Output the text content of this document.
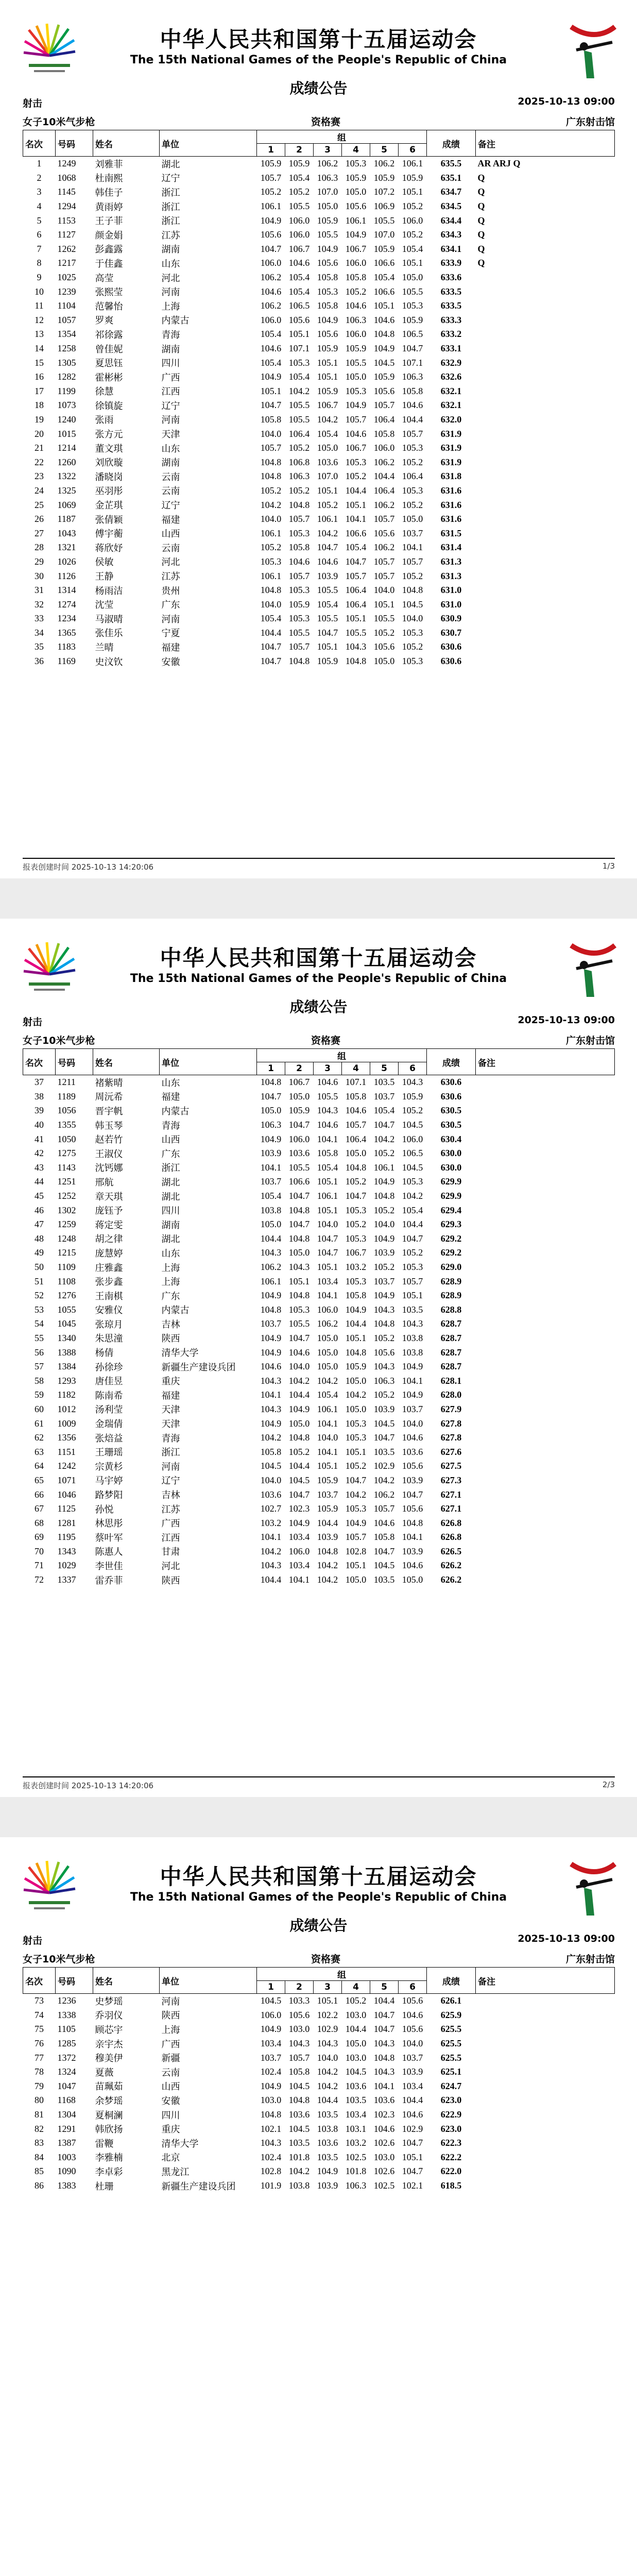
中华人民共和国第十五届运动会
The 15th National Games of the People's Republic of China
成绩公告
射击	2025-10-13 09:00
女子10米气步枪	资格赛	广东射击馆
名次	号码	姓名	单位	组						成绩	备注
				1	2	3	4	5	6		
1	1249	刘雅菲	湖北	105.9	105.9	106.2	105.3	106.2	106.1	635.5	AR ARJ Q
2	1068	杜南熙	辽宁	105.7	105.4	106.3	105.9	105.9	105.9	635.1	Q
3	1145	韩佳子	浙江	105.2	105.2	107.0	105.0	107.2	105.1	634.7	Q
4	1294	黄雨婷	浙江	106.1	105.5	105.0	105.6	106.9	105.2	634.5	Q
5	1153	王子菲	浙江	104.9	106.0	105.9	106.1	105.5	106.0	634.4	Q
6	1127	颜金娟	江苏	105.6	106.0	105.5	104.9	107.0	105.2	634.3	Q
7	1262	彭鑫露	湖南	104.7	106.7	104.9	106.7	105.9	105.4	634.1	Q
8	1217	于佳鑫	山东	106.0	104.6	105.6	106.0	106.6	105.1	633.9	Q
9	1025	高莹	河北	106.2	105.4	105.8	105.8	105.4	105.0	633.6	
10	1239	张熙莹	河南	104.6	105.4	105.3	105.2	106.6	105.5	633.5	
11	1104	范馨怡	上海	106.2	106.5	105.8	104.6	105.1	105.3	633.5	
12	1057	罗爽	内蒙古	106.0	105.6	104.9	106.3	104.6	105.9	633.3	
13	1354	祁徐露	青海	105.4	105.1	105.6	106.0	104.8	106.5	633.2	
14	1258	曾佳妮	湖南	104.6	107.1	105.9	105.9	104.9	104.7	633.1	
15	1305	夏思钰	四川	105.4	105.3	105.1	105.5	104.5	107.1	632.9	
16	1282	霍彬彬	广西	104.9	105.4	105.1	105.0	105.9	106.3	632.6	
17	1199	徐慧	江西	105.1	104.2	105.9	105.3	105.6	105.8	632.1	
18	1073	徐镇旋	辽宁	104.7	105.5	106.7	104.9	105.7	104.6	632.1	
19	1240	张雨	河南	105.8	105.5	104.2	105.7	106.4	104.4	632.0	
20	1015	张方元	天津	104.0	106.4	105.4	104.6	105.8	105.7	631.9	
21	1214	董文琪	山东	105.7	105.2	105.0	106.7	106.0	105.3	631.9	
22	1260	刘欣璇	湖南	104.8	106.8	103.6	105.3	106.2	105.2	631.9	
23	1322	潘晓岗	云南	104.8	106.3	107.0	105.2	104.4	106.4	631.8	
24	1325	巫羽彤	云南	105.2	105.2	105.1	104.4	106.4	105.3	631.6	
25	1069	金芷琪	辽宁	104.2	104.8	105.2	105.1	106.2	105.2	631.6	
26	1187	张倩颖	福建	104.0	105.7	106.1	104.1	105.7	105.0	631.6	
27	1043	傅宇蘅	山西	106.1	105.3	104.2	106.6	105.6	103.7	631.5	
28	1321	蒋欣妤	云南	105.2	105.8	104.7	105.4	106.2	104.1	631.4	
29	1026	侯敏	河北	105.3	104.6	104.6	104.7	105.7	105.7	631.3	
30	1126	王静	江苏	106.1	105.7	103.9	105.7	105.7	105.2	631.3	
31	1314	杨雨洁	贵州	104.8	105.3	105.5	106.4	104.0	104.8	631.0	
32	1274	沈莹	广东	104.0	105.9	105.4	106.4	105.1	104.5	631.0	
33	1234	马淑晴	河南	105.4	105.3	105.5	105.1	105.5	104.0	630.9	
34	1365	张佳乐	宁夏	104.4	105.5	104.7	105.5	105.2	105.3	630.7	
35	1183	兰晴	福建	104.7	105.7	105.1	104.3	105.6	105.2	630.6	
36	1169	史汶钦	安徽	104.7	104.8	105.9	104.8	105.0	105.3	630.6	
报表创建时间 2025-10-13 14:20:06	1/3
中华人民共和国第十五届运动会
The 15th National Games of the People's Republic of China
成绩公告
射击	2025-10-13 09:00
女子10米气步枪	资格赛	广东射击馆
名次	号码	姓名	单位	组						成绩	备注
				1	2	3	4	5	6		
37	1211	褚紫晴	山东	104.8	106.7	104.6	107.1	103.5	104.3	630.6	
38	1189	周沅希	福建	104.7	105.0	105.5	105.8	103.7	105.9	630.6	
39	1056	晋宇帆	内蒙古	105.0	105.9	104.3	104.6	105.4	105.2	630.5	
40	1355	韩玉琴	青海	106.3	104.7	104.6	105.7	104.7	104.5	630.5	
41	1050	赵若竹	山西	104.9	106.0	104.1	106.4	104.2	106.0	630.4	
42	1275	王淑仪	广东	103.9	103.6	105.8	105.0	105.2	106.5	630.0	
43	1143	沈钙娜	浙江	104.1	105.5	105.4	104.8	106.1	104.5	630.0	
44	1251	邢航	湖北	103.7	106.6	105.1	105.2	104.9	105.3	629.9	
45	1252	章天琪	湖北	105.4	104.7	106.1	104.7	104.8	104.2	629.9	
46	1302	庞钰予	四川	103.8	104.8	105.1	105.3	105.2	105.4	629.4	
47	1259	蒋定雯	湖南	105.0	104.7	104.0	105.2	104.0	104.4	629.3	
48	1248	胡之律	湖北	104.4	104.8	104.7	105.3	104.9	104.7	629.2	
49	1215	庞慧婷	山东	104.3	105.0	104.7	106.7	103.9	105.2	629.2	
50	1109	庄雅鑫	上海	106.2	104.3	105.1	103.2	105.2	105.3	629.0	
51	1108	张步鑫	上海	106.1	105.1	103.4	105.3	103.7	105.7	628.9	
52	1276	王南棋	广东	104.9	104.8	104.1	105.8	104.9	105.1	628.9	
53	1055	安雅仪	内蒙古	104.8	105.3	106.0	104.9	104.3	103.5	628.8	
54	1045	张琼月	吉林	103.7	105.5	106.2	104.4	104.8	104.3	628.7	
55	1340	朱思潼	陕西	104.9	104.7	105.0	105.1	105.2	103.8	628.7	
56	1388	杨倩	清华大学	104.9	104.6	105.0	104.8	105.6	103.8	628.7	
57	1384	孙徐珍	新疆生产建设兵团	104.6	104.0	105.0	105.9	104.3	104.9	628.7	
58	1293	唐佳昱	重庆	104.3	104.2	104.2	105.0	106.3	104.1	628.1	
59	1182	陈南希	福建	104.1	104.4	105.4	104.2	105.2	104.9	628.0	
60	1012	汤利莹	天津	104.3	104.9	106.1	105.0	103.9	103.7	627.9	
61	1009	金瑞倩	天津	104.9	105.0	104.1	105.3	104.5	104.0	627.8	
62	1356	张焙益	青海	104.2	104.8	104.0	105.3	104.7	104.6	627.8	
63	1151	王珊瑶	浙江	105.8	105.2	104.1	105.1	103.5	103.6	627.6	
64	1242	宗黄杉	河南	104.5	104.4	105.1	105.2	102.9	105.6	627.5	
65	1071	马宇婷	辽宁	104.0	104.5	105.9	104.7	104.2	103.9	627.3	
66	1046	路梦阳	吉林	103.6	104.7	103.7	104.2	106.2	104.7	627.1	
67	1125	孙悦	江苏	102.7	102.3	105.9	105.3	105.7	105.6	627.1	
68	1281	林思彤	广西	103.2	104.9	104.4	104.9	104.6	104.8	626.8	
69	1195	蔡叶军	江西	104.1	103.4	103.9	105.7	105.8	104.1	626.8	
70	1343	陈惠人	甘肃	104.2	106.0	104.8	102.8	104.7	103.9	626.5	
71	1029	李世佳	河北	104.3	103.4	104.2	105.1	104.5	104.6	626.2	
72	1337	雷乔菲	陕西	104.4	104.1	104.2	105.0	103.5	105.0	626.2	
报表创建时间 2025-10-13 14:20:06	2/3
中华人民共和国第十五届运动会
The 15th National Games of the People's Republic of China
成绩公告
射击	2025-10-13 09:00
女子10米气步枪	资格赛	广东射击馆
名次	号码	姓名	单位	组						成绩	备注
				1	2	3	4	5	6		
73	1236	史梦瑶	河南	104.5	103.3	105.1	105.2	104.4	105.6	626.1	
74	1338	乔羽仪	陕西	106.0	105.6	102.2	103.0	104.7	104.6	625.9	
75	1105	顾芯宇	上海	104.9	103.0	102.9	104.4	104.7	105.6	625.5	
76	1285	亲宇杰	广西	103.4	104.3	104.3	105.0	104.3	104.0	625.5	
77	1372	穆美伊	新疆	103.7	105.7	104.0	103.0	104.8	103.7	625.5	
78	1324	夏薇	云南	102.4	105.8	104.2	104.5	104.3	103.9	625.1	
79	1047	苗珮茹	山西	104.9	104.5	104.2	103.6	104.1	103.4	624.7	
80	1168	余梦瑶	安徽	103.0	104.8	104.4	103.5	103.6	104.4	623.0	
81	1304	夏桐澜	四川	104.8	103.6	103.5	103.4	102.3	104.6	622.9	
82	1291	韩欣扬	重庆	102.1	104.5	103.8	103.1	104.6	102.9	623.0	
83	1387	雷鞭	清华大学	104.3	103.5	103.6	103.2	102.6	104.7	622.3	
84	1003	李雅楠	北京	102.4	101.8	103.5	102.5	103.0	105.1	622.2	
85	1090	李卓彩	黑龙江	102.8	104.2	104.9	101.8	102.6	104.7	622.0	
86	1383	杜珊	新疆生产建设兵团	101.9	103.8	103.9	106.3	102.5	102.1	618.5	
